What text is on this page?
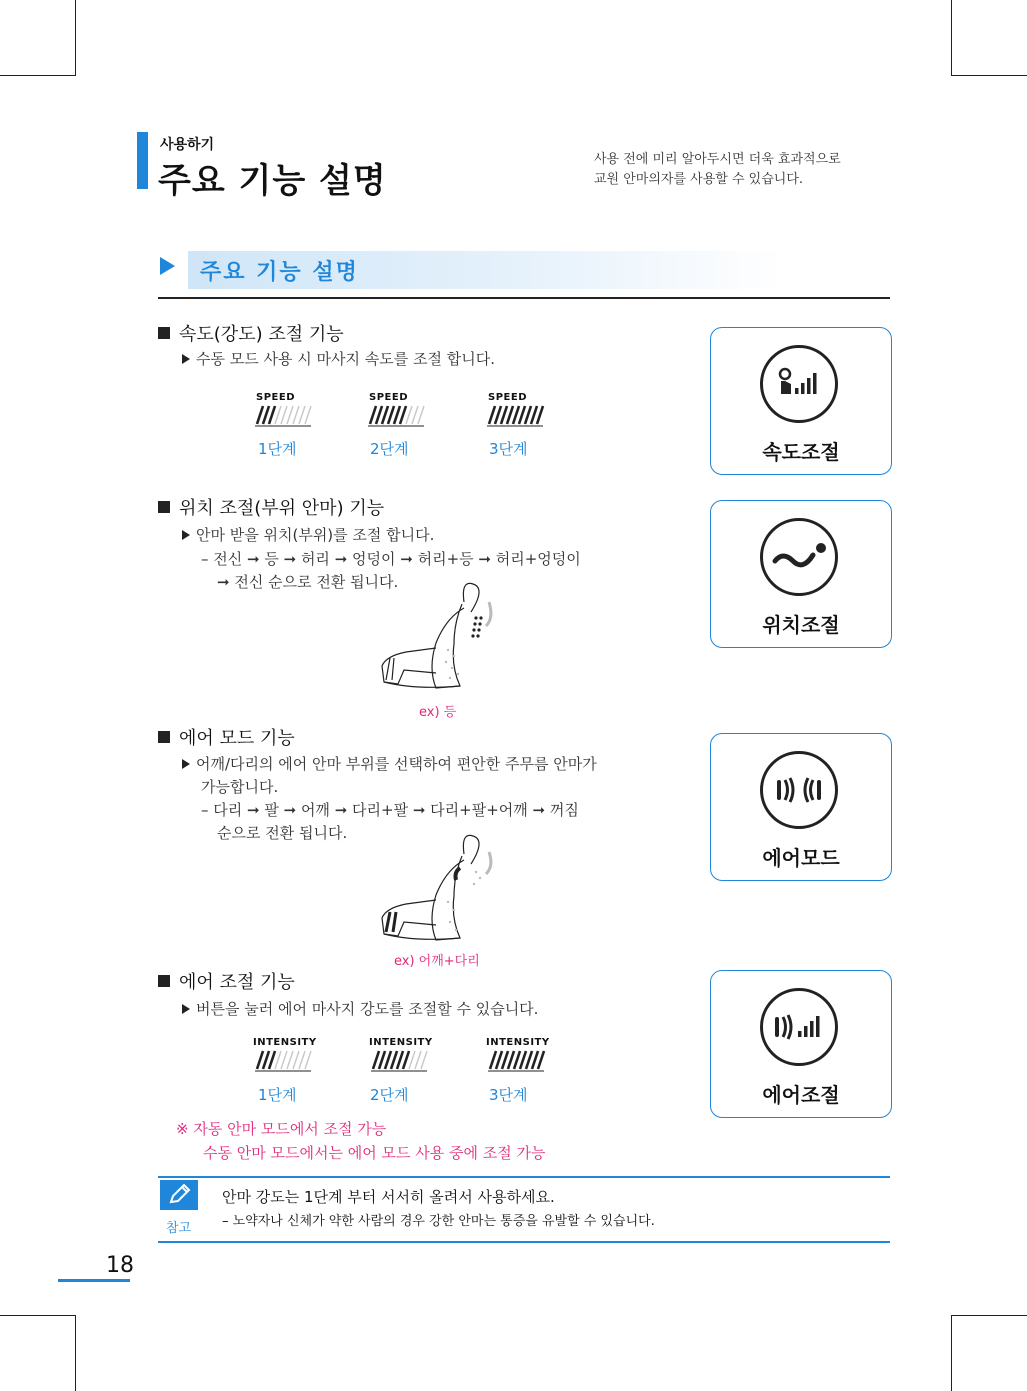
사용하기
주요 기능 설명
사용 전에 미리 알아두시면 더욱 효과적으로
교원 안마의자를 사용할 수 있습니다.
주요 기능 설명
속도(강도) 조절 기능
수동 모드 사용 시 마사지 속도를 조절 합니다.
SPEED	SPEED	SPEED
1단계	2단계	3단계	속도조절
위치 조절(부위 안마) 기능
안마 받을 위치(부위)를 조절 합니다.
– 전신 ➞ 등 ➞ 허리 ➞ 엉덩이 ➞ 허리+등 ➞ 허리+엉덩이
➞ 전신 순으로 전환 됩니다.
ex) 등
위치조절
에어 모드 기능
어깨/다리의 에어 안마 부위를 선택하여 편안한 주무름 안마가
가능합니다.
– 다리 ➞ 팔 ➞ 어깨 ➞ 다리+팔 ➞ 다리+팔+어깨 ➞ 꺼짐
순으로 전환 됩니다.
ex) 어깨+다리
에어모드
에어 조절 기능
버튼을 눌러 에어 마사지 강도를 조절할 수 있습니다.
INTENSITY	INTENSITY	INTENSITY
1단계	2단계	3단계	에어조절
※ 자동 안마 모드에서 조절 가능
수동 안마 모드에서는 에어 모드 사용 중에 조절 가능
참고
안마 강도는 1단계 부터 서서히 올려서 사용하세요.
– 노약자나 신체가 약한 사람의 경우 강한 안마는 통증을 유발할 수 있습니다.
18
